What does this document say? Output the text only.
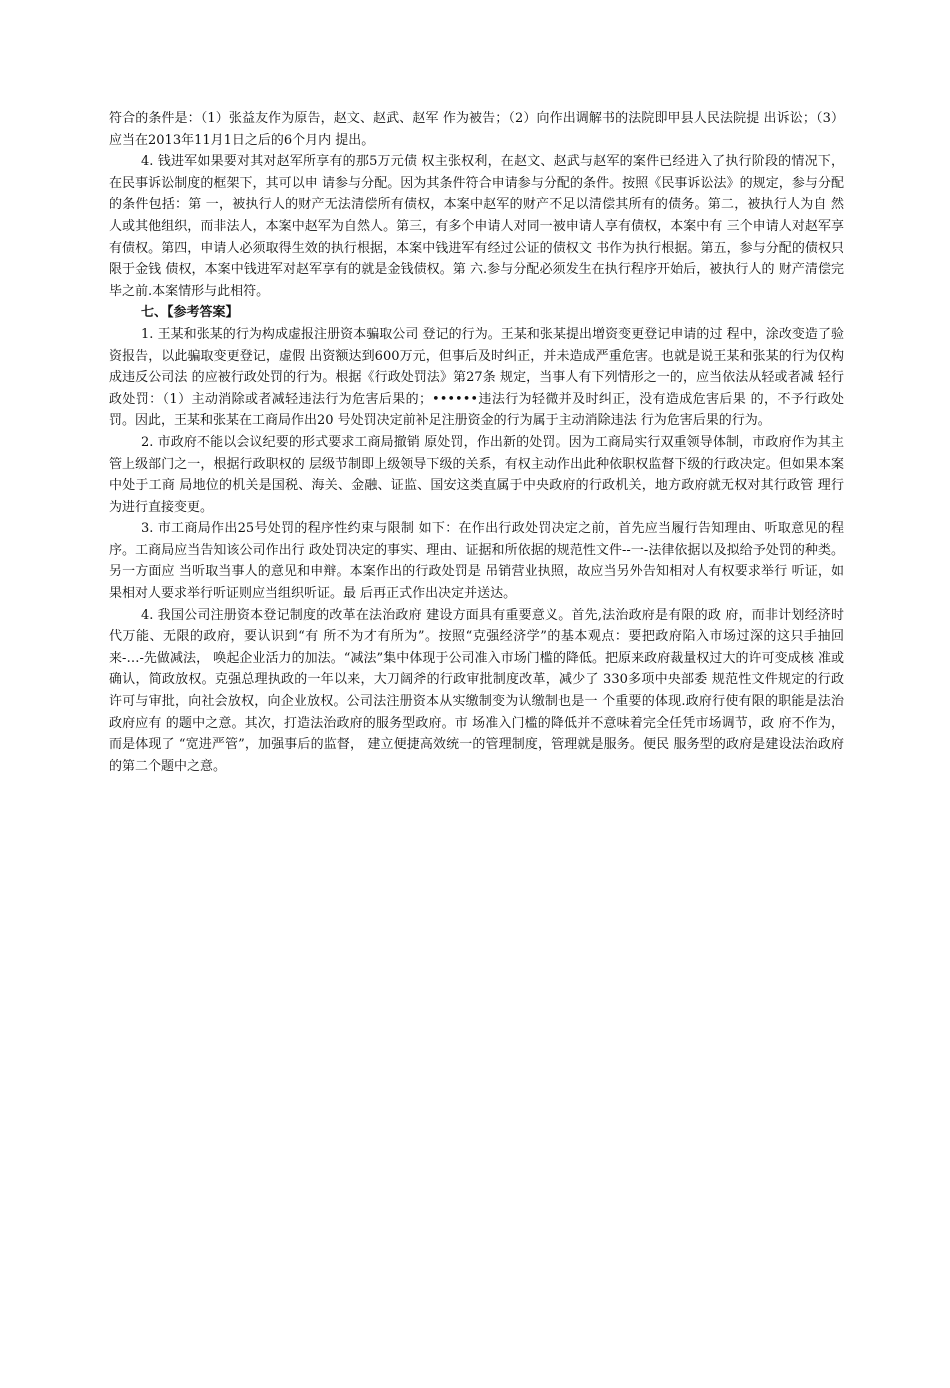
符合的条件是：（1）张益友作为原告，赵文、赵武、赵军 作为被告；（2）向作出调解书的法院即甲县人民法院提 出诉讼；（3）应当在2013年11月1日之后的6个月内 提出。

4. 钱进军如果要对其对赵军所享有的那5万元债 权主张权利，在赵文、赵武与赵军的案件已经进入了执行阶段的情况下，在民事诉讼制度的框架下，其可以申 请参与分配。因为其条件符合申请参与分配的条件。按照《民事诉讼法》的规定，参与分配的条件包括：第 一，被执行人的财产无法清偿所有债权，本案中赵军的财产不足以清偿其所有的债务。第二，被执行人为自 然人或其他组织，而非法人，本案中赵军为自然人。第三，有多个申请人对同一被申请人享有债权，本案中有 三个申请人对赵军享有债权。第四，申请人必须取得生效的执行根据，本案中钱进军有经过公证的债权文 书作为执行根据。第五，参与分配的债权只限于金钱 债权，本案中钱进军对赵军享有的就是金钱债权。第 六.参与分配必须发生在执行程序开始后，被执行人的 财产清偿完毕之前.本案情形与此相符。

七、【参考答案】

1. 王某和张某的行为构成虚报注册资本骗取公司 登记的行为。王某和张某提出增资变更登记申请的过 程中，涂改变造了验资报告，以此骗取变更登记，虚假 出资额达到600万元，但事后及时纠正，并未造成严重危害。也就是说王某和张某的行为仅构成违反公司法 的应被行政处罚的行为。根据《行政处罚法》第27条 规定，当事人有下列情形之一的，应当依法从轻或者减 轻行政处罚：（1）主动消除或者减轻违法行为危害后果的；••••••违法行为轻微并及时纠正，没有造成危害后果 的，不予行政处罚。因此，王某和张某在工商局作出20 号处罚决定前补足注册资金的行为属于主动消除违法 行为危害后果的行为。

2. 市政府不能以会议纪要的形式要求工商局撤销 原处罚，作出新的处罚。因为工商局实行双重领导体制，市政府作为其主管上级部门之一，根据行政职权的 层级节制即上级领导下级的关系，有权主动作出此种依职权监督下级的行政决定。但如果本案中处于工商 局地位的机关是国税、海关、金融、证监、国安这类直属于中央政府的行政机关，地方政府就无权对其行政管 理行为进行直接变更。

3. 市工商局作出25号处罚的程序性约束与限制 如下：在作出行政处罚决定之前，首先应当履行告知理由、听取意见的程序。工商局应当告知该公司作出行 政处罚决定的事实、理由、证据和所依据的规范性文件--一-法律依据以及拟给予处罚的种类。另一方面应 当听取当事人的意见和申辩。本案作出的行政处罚是 吊销营业执照，故应当另外告知相对人有权要求举行 听证，如果相对人要求举行听证则应当组织听证。最 后再正式作出决定并送达。

4. 我国公司注册资本登记制度的改革在法治政府 建设方面具有重要意义。首先,法治政府是有限的政 府，而非计划经济时代万能、无限的政府，要认识到“有 所不为才有所为”。按照“克强经济学”的基本观点：要把政府陷入市场过深的这只手抽回来-…-先做减法， 唤起企业活力的加法。“减法”集中体现于公司准入市场门槛的降低。把原来政府裁量权过大的许可变成核 准或确认，简政放权。克强总理执政的一年以来，大刀阔斧的行政审批制度改革，减少了 330多项中央部委 规范性文件规定的行政许可与审批，向社会放权，向企业放权。公司法注册资本从实缴制变为认缴制也是一 个重要的体现.政府行使有限的职能是法治政府应有 的题中之意。其次，打造法治政府的服务型政府。市 场准入门槛的降低并不意味着完全任凭市场调节，政 府不作为，而是体现了 “宽进严管”，加强事后的监督， 建立便捷高效统一的管理制度，管理就是服务。便民 服务型的政府是建设法治政府的第二个题中之意。
